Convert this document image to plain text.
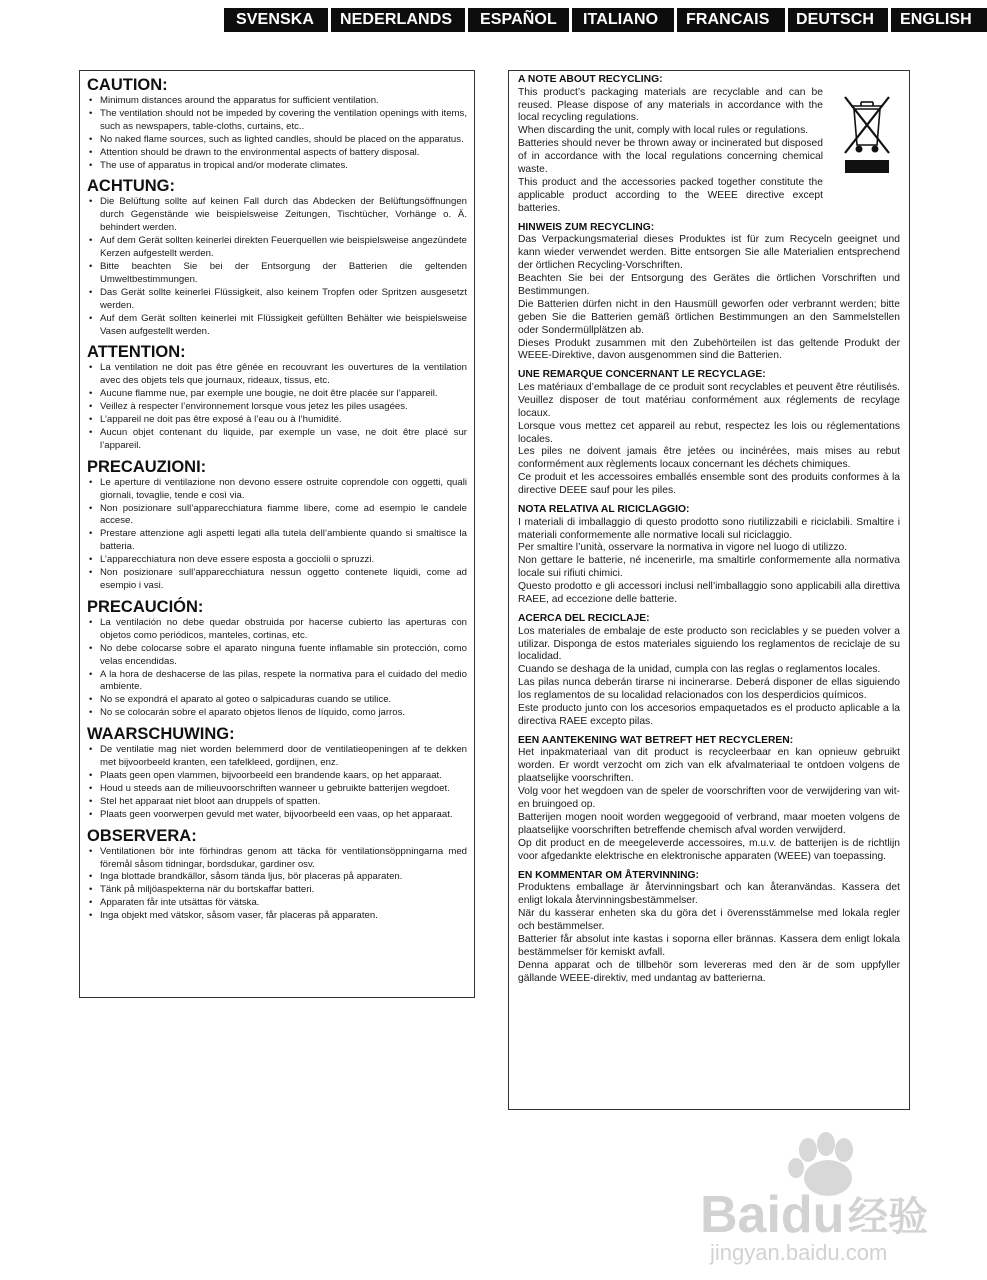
SVENSKA NEDERLANDS ESPAÑOL ITALIANO FRANCAIS DEUTSCH ENGLISH
CAUTION:
• Minimum distances around the apparatus for sufficient ventilation.
• The ventilation should not be impeded by covering the ventilation openings with items, such as newspapers, table-cloths, curtains, etc..
• No naked flame sources, such as lighted candles, should be placed on the apparatus.
• Attention should be drawn to the environmental aspects of battery disposal.
• The use of apparatus in tropical and/or moderate climates.
ACHTUNG:
• Die Belüftung sollte auf keinen Fall durch das Abdecken der Belüftungsöffnungen durch Gegenstände wie beispielsweise Zeitungen, Tischtücher, Vorhänge o. Ä. behindert werden.
• Auf dem Gerät sollten keinerlei direkten Feuerquellen wie beispielsweise angezündete Kerzen aufgestellt werden.
• Bitte beachten Sie bei der Entsorgung der Batterien die geltenden Umweltbestimmungen.
• Das Gerät sollte keinerlei Flüssigkeit, also keinem Tropfen oder Spritzen ausgesetzt werden.
• Auf dem Gerät sollten keinerlei mit Flüssigkeit gefüllten Behälter wie beispielsweise Vasen aufgestellt werden.
ATTENTION:
• La ventilation ne doit pas être gênée en recouvrant les ouvertures de la ventilation avec des objets tels que journaux, rideaux, tissus, etc.
• Aucune flamme nue, par exemple une bougie, ne doit être placée sur l’appareil.
• Veillez à respecter l’environnement lorsque vous jetez les piles usagées.
• L’appareil ne doit pas être exposé à l’eau ou à l’humidité.
• Aucun objet contenant du liquide, par exemple un vase, ne doit être placé sur l’appareil.
PRECAUZIONI:
• Le aperture di ventilazione non devono essere ostruite coprendole con oggetti, quali giornali, tovaglie, tende e così via.
• Non posizionare sull’apparecchiatura fiamme libere, come ad esempio le candele accese.
• Prestare attenzione agli aspetti legati alla tutela dell’ambiente quando si smaltisce la batteria.
• L’apparecchiatura non deve essere esposta a gocciolii o spruzzi.
• Non posizionare sull’apparecchiatura nessun oggetto contenete liquidi, come ad esempio i vasi.
PRECAUCIÓN:
• La ventilación no debe quedar obstruida por hacerse cubierto las aperturas con objetos como periódicos, manteles, cortinas, etc.
• No debe colocarse sobre el aparato ninguna fuente inflamable sin protección, como velas encendidas.
• A la hora de deshacerse de las pilas, respete la normativa para el cuidado del medio ambiente.
• No se expondrá el aparato al goteo o salpicaduras cuando se utilice.
• No se colocarán sobre el aparato objetos llenos de líquido, como jarros.
WAARSCHUWING:
• De ventilatie mag niet worden belemmerd door de ventilatieopeningen af te dekken met bijvoorbeeld kranten, een tafelkleed, gordijnen, enz.
• Plaats geen open vlammen, bijvoorbeeld een brandende kaars, op het apparaat.
• Houd u steeds aan de milieuvoorschriften wanneer u gebruikte batterijen wegdoet.
• Stel het apparaat niet bloot aan druppels of spatten.
• Plaats geen voorwerpen gevuld met water, bijvoorbeeld een vaas, op het apparaat.
OBSERVERA:
• Ventilationen bör inte förhindras genom att täcka för ventilationsöppningarna med föremål såsom tidningar, bordsdukar, gardiner osv.
• Inga blottade brandkällor, såsom tända ljus, bör placeras på apparaten.
• Tänk på miljöaspekterna när du bortskaffar batteri.
• Apparaten får inte utsättas för vätska.
• Inga objekt med vätskor, såsom vaser, får placeras på apparaten.
A NOTE ABOUT RECYCLING:
This product’s packaging materials are recyclable and can be reused. Please dispose of any materials in accordance with the local recycling regulations.
When discarding the unit, comply with local rules or regulations.
Batteries should never be thrown away or incinerated but disposed of in accordance with the local regulations concerning chemical waste.
This product and the accessories packed together constitute the applicable product according to the WEEE directive except batteries.
HINWEIS ZUM RECYCLING:
Das Verpackungsmaterial dieses Produktes ist für zum Recyceln geeignet und kann wieder verwendet werden. Bitte entsorgen Sie alle Materialien entsprechend der örtlichen Recycling-Vorschriften.
Beachten Sie bei der Entsorgung des Gerätes die örtlichen Vorschriften und Bestimmungen.
Die Batterien dürfen nicht in den Hausmüll geworfen oder verbrannt werden; bitte geben Sie die Batterien gemäß örtlichen Bestimmungen an den Sammelstellen oder Sondermüllplätzen ab.
Dieses Produkt zusammen mit den Zubehörteilen ist das geltende Produkt der WEEE-Direktive, davon ausgenommen sind die Batterien.
UNE REMARQUE CONCERNANT LE RECYCLAGE:
Les matériaux d’emballage de ce produit sont recyclables et peuvent être réutilisés. Veuillez disposer de tout matériau conformément aux réglements de recylage locaux.
Lorsque vous mettez cet appareil au rebut, respectez les lois ou réglementations locales.
Les piles ne doivent jamais être jetées ou incinérées, mais mises au rebut conformément aux règlements locaux concernant les déchets chimiques.
Ce produit et les accessoires emballés ensemble sont des produits conformes à la directive DEEE sauf pour les piles.
NOTA RELATIVA AL RICICLAGGIO:
I materiali di imballaggio di questo prodotto sono riutilizzabili e riciclabili. Smaltire i materiali conformemente alle normative locali sul riciclaggio.
Per smaltire l’unità, osservare la normativa in vigore nel luogo di utilizzo.
Non gettare le batterie, né incenerirle, ma smaltirle conformemente alla normativa locale sui rifiuti chimici.
Questo prodotto e gli accessori inclusi nell’imballaggio sono applicabili alla direttiva RAEE, ad eccezione delle batterie.
ACERCA DEL RECICLAJE:
Los materiales de embalaje de este producto son reciclables y se pueden volver a utilizar. Disponga de estos materiales siguiendo los reglamentos de reciclaje de su localidad.
Cuando se deshaga de la unidad, cumpla con las reglas o reglamentos locales.
Las pilas nunca deberán tirarse ni incinerarse. Deberá disponer de ellas siguiendo los reglamentos de su localidad relacionados con los desperdicios químicos.
Este producto junto con los accesorios empaquetados es el producto aplicable a la directiva RAEE excepto pilas.
EEN AANTEKENING WAT BETREFT HET RECYCLEREN:
Het inpakmateriaal van dit product is recycleerbaar en kan opnieuw gebruikt worden. Er wordt verzocht om zich van elk afvalmateriaal te ontdoen volgens de plaatselijke voorschriften.
Volg voor het wegdoen van de speler de voorschriften voor de verwijdering van wit- en bruingoed op.
Batterijen mogen nooit worden weggegooid of verbrand, maar moeten volgens de plaatselijke voorschriften betreffende chemisch afval worden verwijderd.
Op dit product en de meegeleverde accessoires, m.u.v. de batterijen is de richtlijn voor afgedankte elektrische en elektronische apparaten (WEEE) van toepassing.
EN KOMMENTAR OM ÅTERVINNING:
Produktens emballage är återvinningsbart och kan återanvändas. Kassera det enligt lokala återvinningsbestämmelser.
När du kasserar enheten ska du göra det i överensstämmelse med lokala regler och bestämmelser.
Batterier får absolut inte kastas i soporna eller brännas. Kassera dem enligt lokala bestämmelser för kemiskt avfall.
Denna apparat och de tillbehör som levereras med den är de som uppfyller gällande WEEE-direktiv, med undantag av batterierna.
Baidu 经验
jingyan.baidu.com
